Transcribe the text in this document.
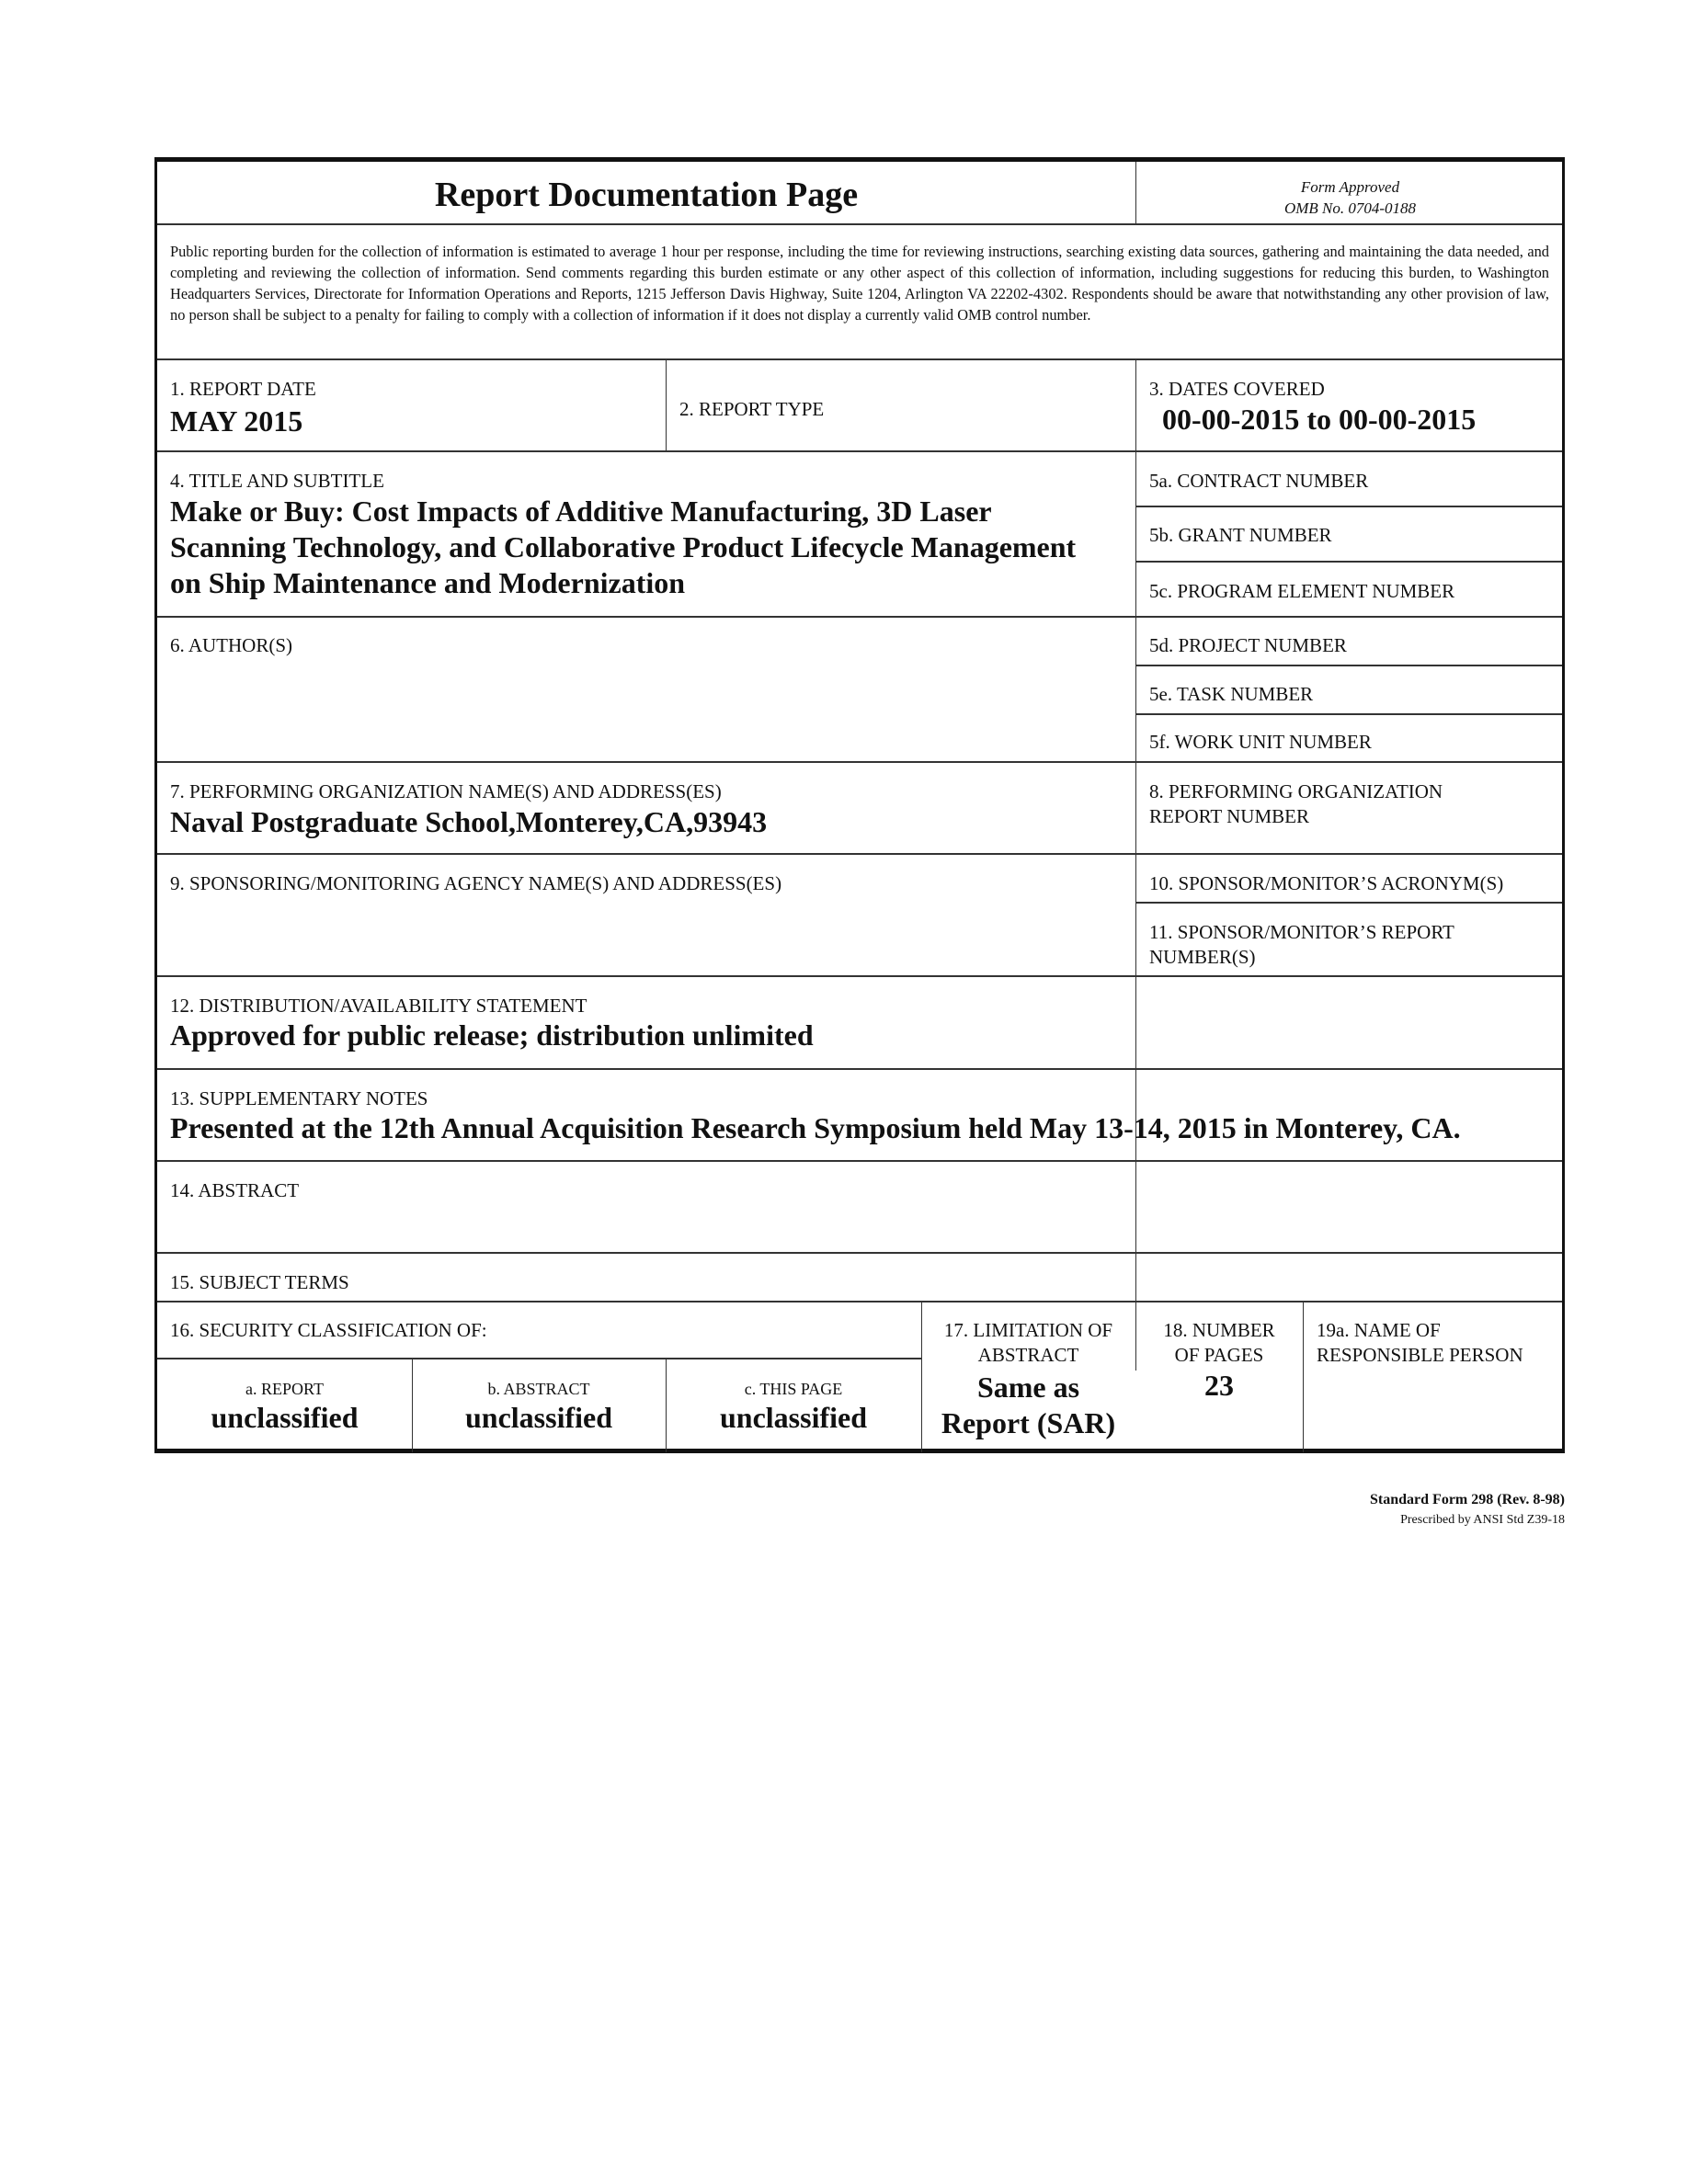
Report Documentation Page	Form Approved
OMB No. 0704-0188
Public reporting burden for the collection of information is estimated to average 1 hour per response, including the time for reviewing instructions, searching existing data sources, gathering and maintaining the data needed, and completing and reviewing the collection of information. Send comments regarding this burden estimate or any other aspect of this collection of information, including suggestions for reducing this burden, to Washington Headquarters Services, Directorate for Information Operations and Reports, 1215 Jefferson Davis Highway, Suite 1204, Arlington VA 22202-4302. Respondents should be aware that notwithstanding any other provision of law, no person shall be subject to a penalty for failing to comply with a collection of information if it does not display a currently valid OMB control number.
1. REPORT DATE
MAY 2015	2. REPORT TYPE
3. DATES COVERED
00-00-2015 to 00-00-2015
4. TITLE AND SUBTITLE
Make or Buy: Cost Impacts of Additive Manufacturing, 3D Laser
Scanning Technology, and Collaborative Product Lifecycle Management
on Ship Maintenance and Modernization
5a. CONTRACT NUMBER
5b. GRANT NUMBER
5c. PROGRAM ELEMENT NUMBER
6. AUTHOR(S)	5d. PROJECT NUMBER
5e. TASK NUMBER
5f. WORK UNIT NUMBER
7. PERFORMING ORGANIZATION NAME(S) AND ADDRESS(ES)
Naval Postgraduate School,Monterey,CA,93943
8. PERFORMING ORGANIZATION
REPORT NUMBER
9. SPONSORING/MONITORING AGENCY NAME(S) AND ADDRESS(ES)	10. SPONSOR/MONITOR’S ACRONYM(S)
11. SPONSOR/MONITOR’S REPORT
NUMBER(S)
12. DISTRIBUTION/AVAILABILITY STATEMENT
Approved for public release; distribution unlimited
13. SUPPLEMENTARY NOTES
Presented at the 12th Annual Acquisition Research Symposium held May 13-14, 2015 in Monterey, CA.
14. ABSTRACT
15. SUBJECT TERMS
16. SECURITY CLASSIFICATION OF:
a. REPORT
unclassified
b. ABSTRACT
unclassified
c. THIS PAGE
unclassified
17. LIMITATION OF
ABSTRACT
Same as
Report (SAR)
18. NUMBER
OF PAGES
23
19a. NAME OF
RESPONSIBLE PERSON
Standard Form 298 (Rev. 8-98)
Prescribed by ANSI Std Z39-18
